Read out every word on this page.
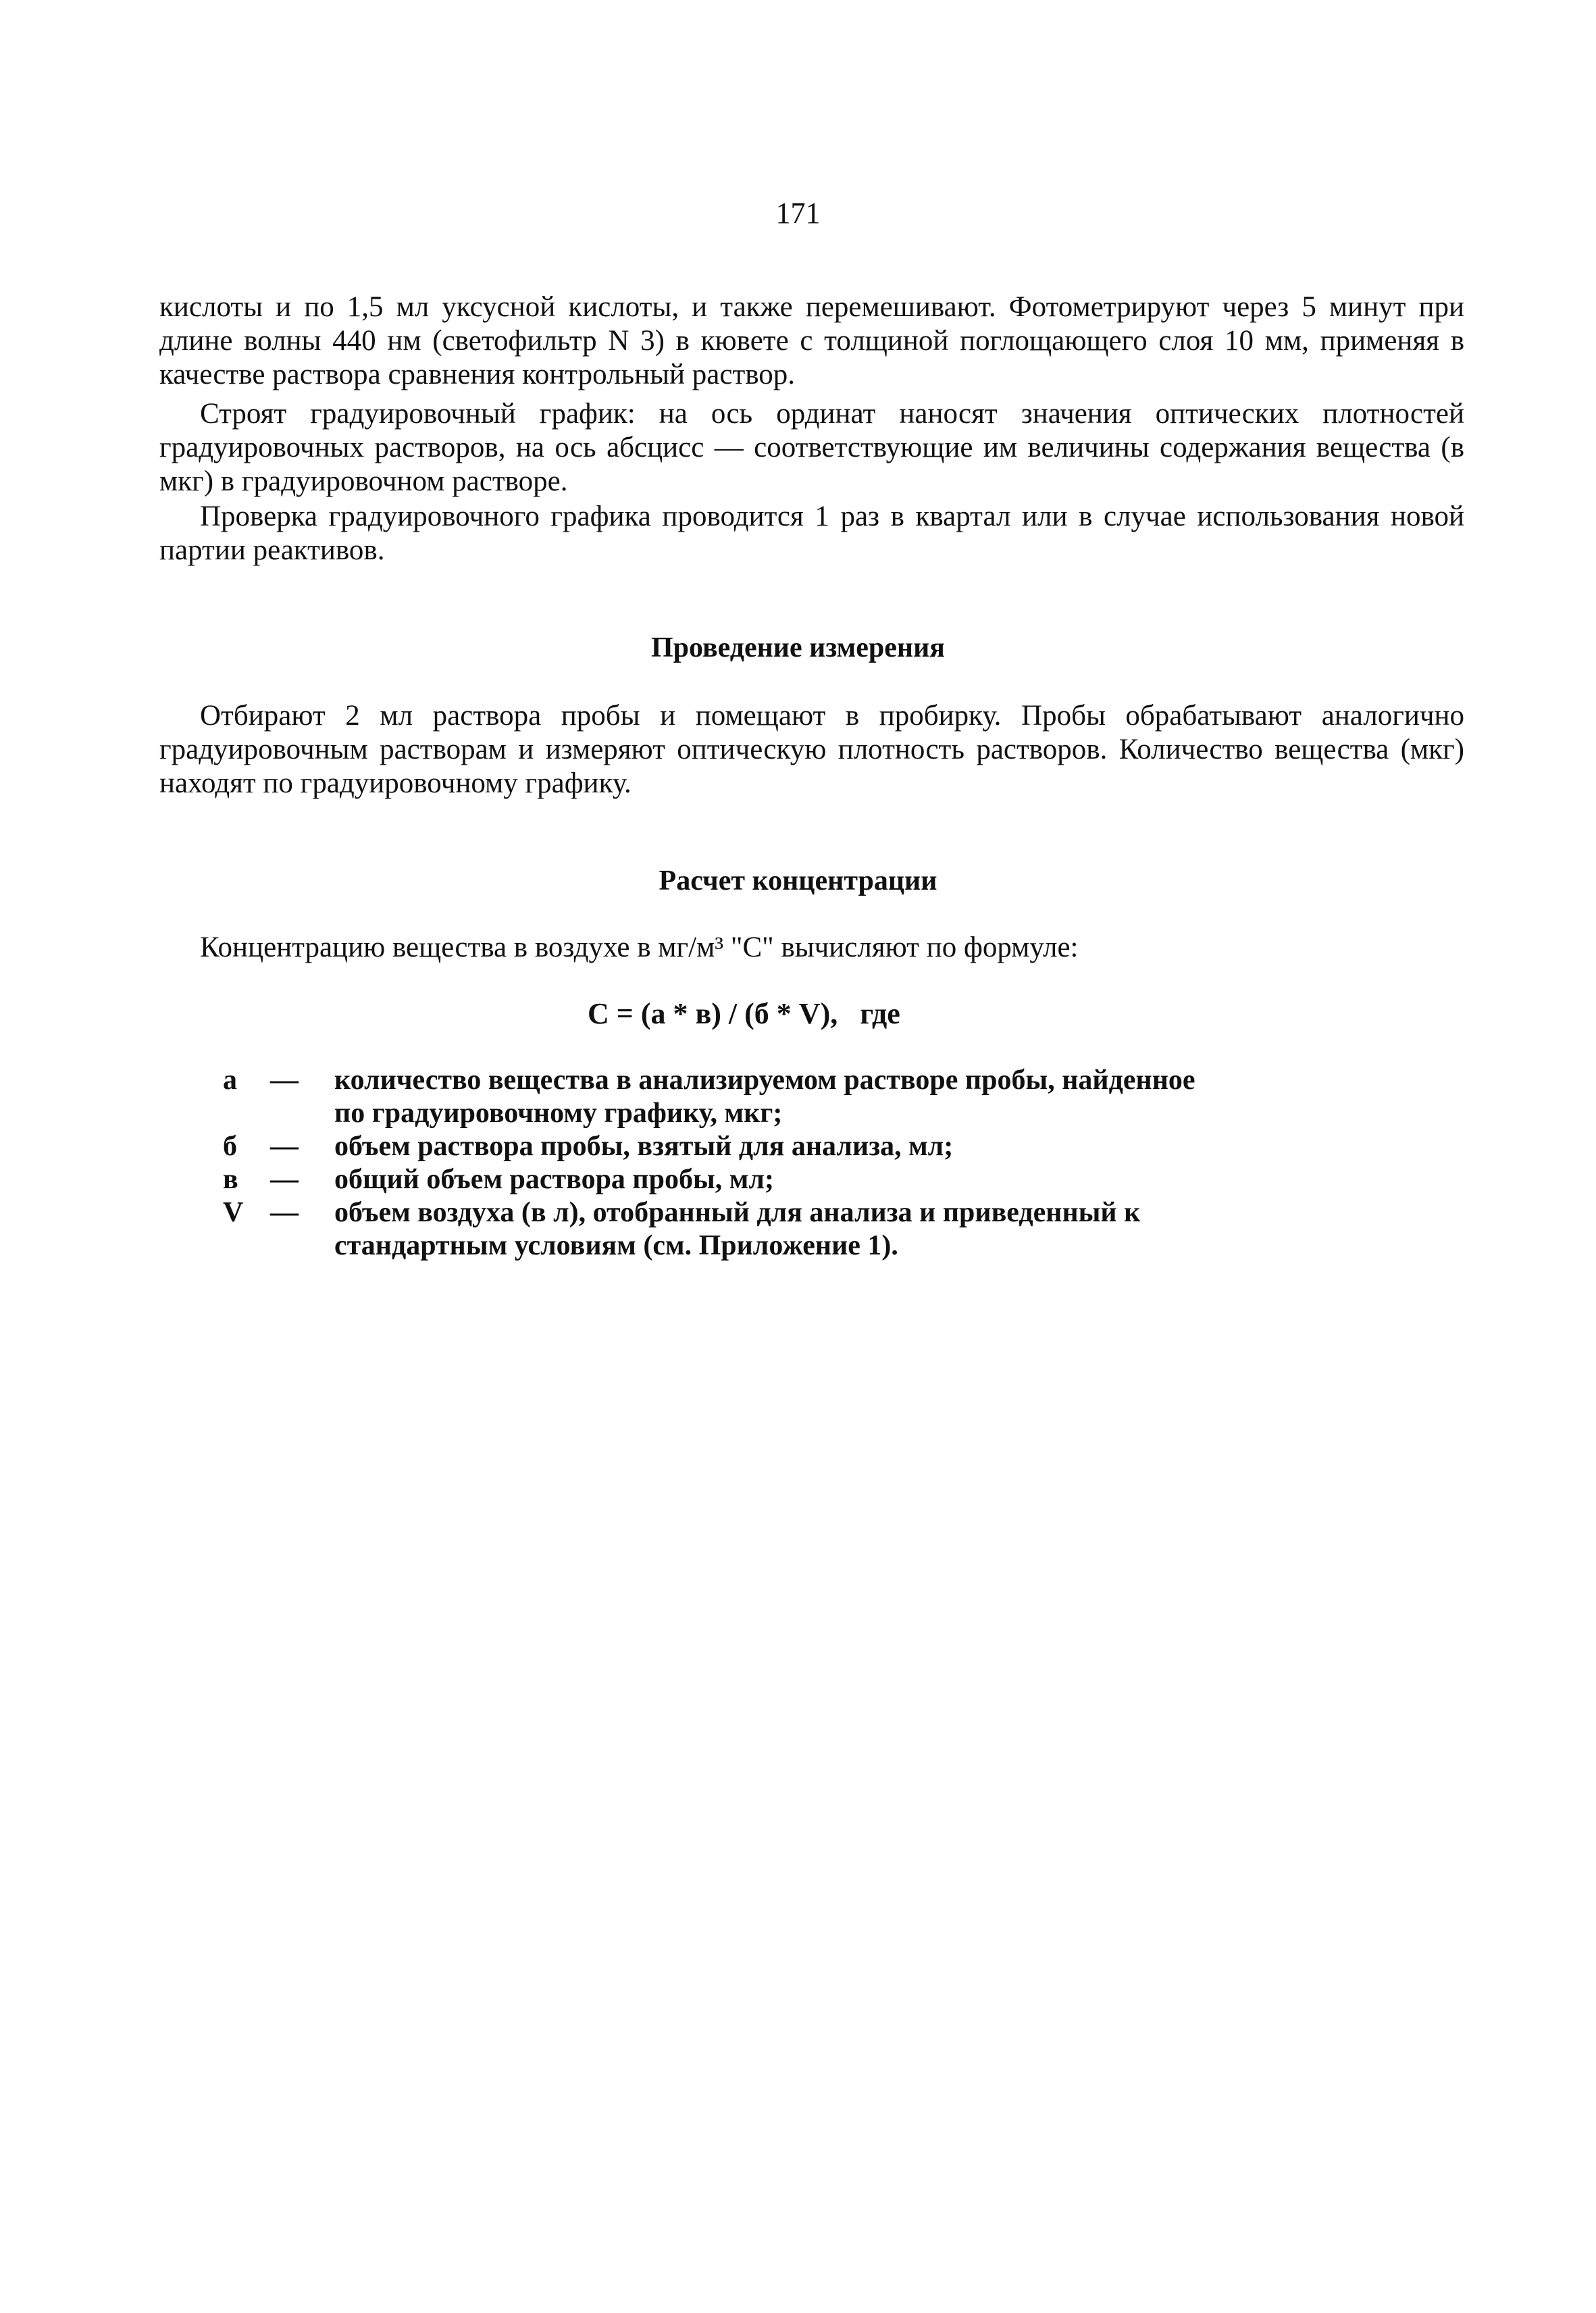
171
кислоты и по 1,5 мл уксусной кислоты, и также перемешивают. Фотометрируют через 5 минут при длине волны 440 нм (светофильтр N 3) в кювете с толщиной поглощающего слоя 10 мм, применяя в качестве раствора сравнения контрольный раствор.
Строят градуировочный график: на ось ординат наносят значения оптических плотностей градуировочных растворов, на ось абсцисс — соответствующие им величины содержания вещества (в мкг) в градуировочном растворе.
Проверка градуировочного графика проводится 1 раз в квартал или в случае использования новой партии реактивов.
Проведение измерения
Отбирают 2 мл раствора пробы и помещают в пробирку. Пробы обрабатывают аналогично градуировочным растворам и измеряют оптическую плотность растворов. Количество вещества (мкг) находят по градуировочному графику.
Расчет концентрации
Концентрацию вещества в воздухе в мг/м³ "С" вычисляют по формуле:
С = (а * в) / (б * V),   где
а	—	количество вещества в анализируемом растворе пробы, найденное по градуировочному графику, мкг;
б	—	объем раствора пробы, взятый для анализа, мл;
в	—	общий объем раствора пробы, мл;
V —	объем воздуха (в л), отобранный для анализа и приведенный к стандартным условиям (см. Приложение 1).
